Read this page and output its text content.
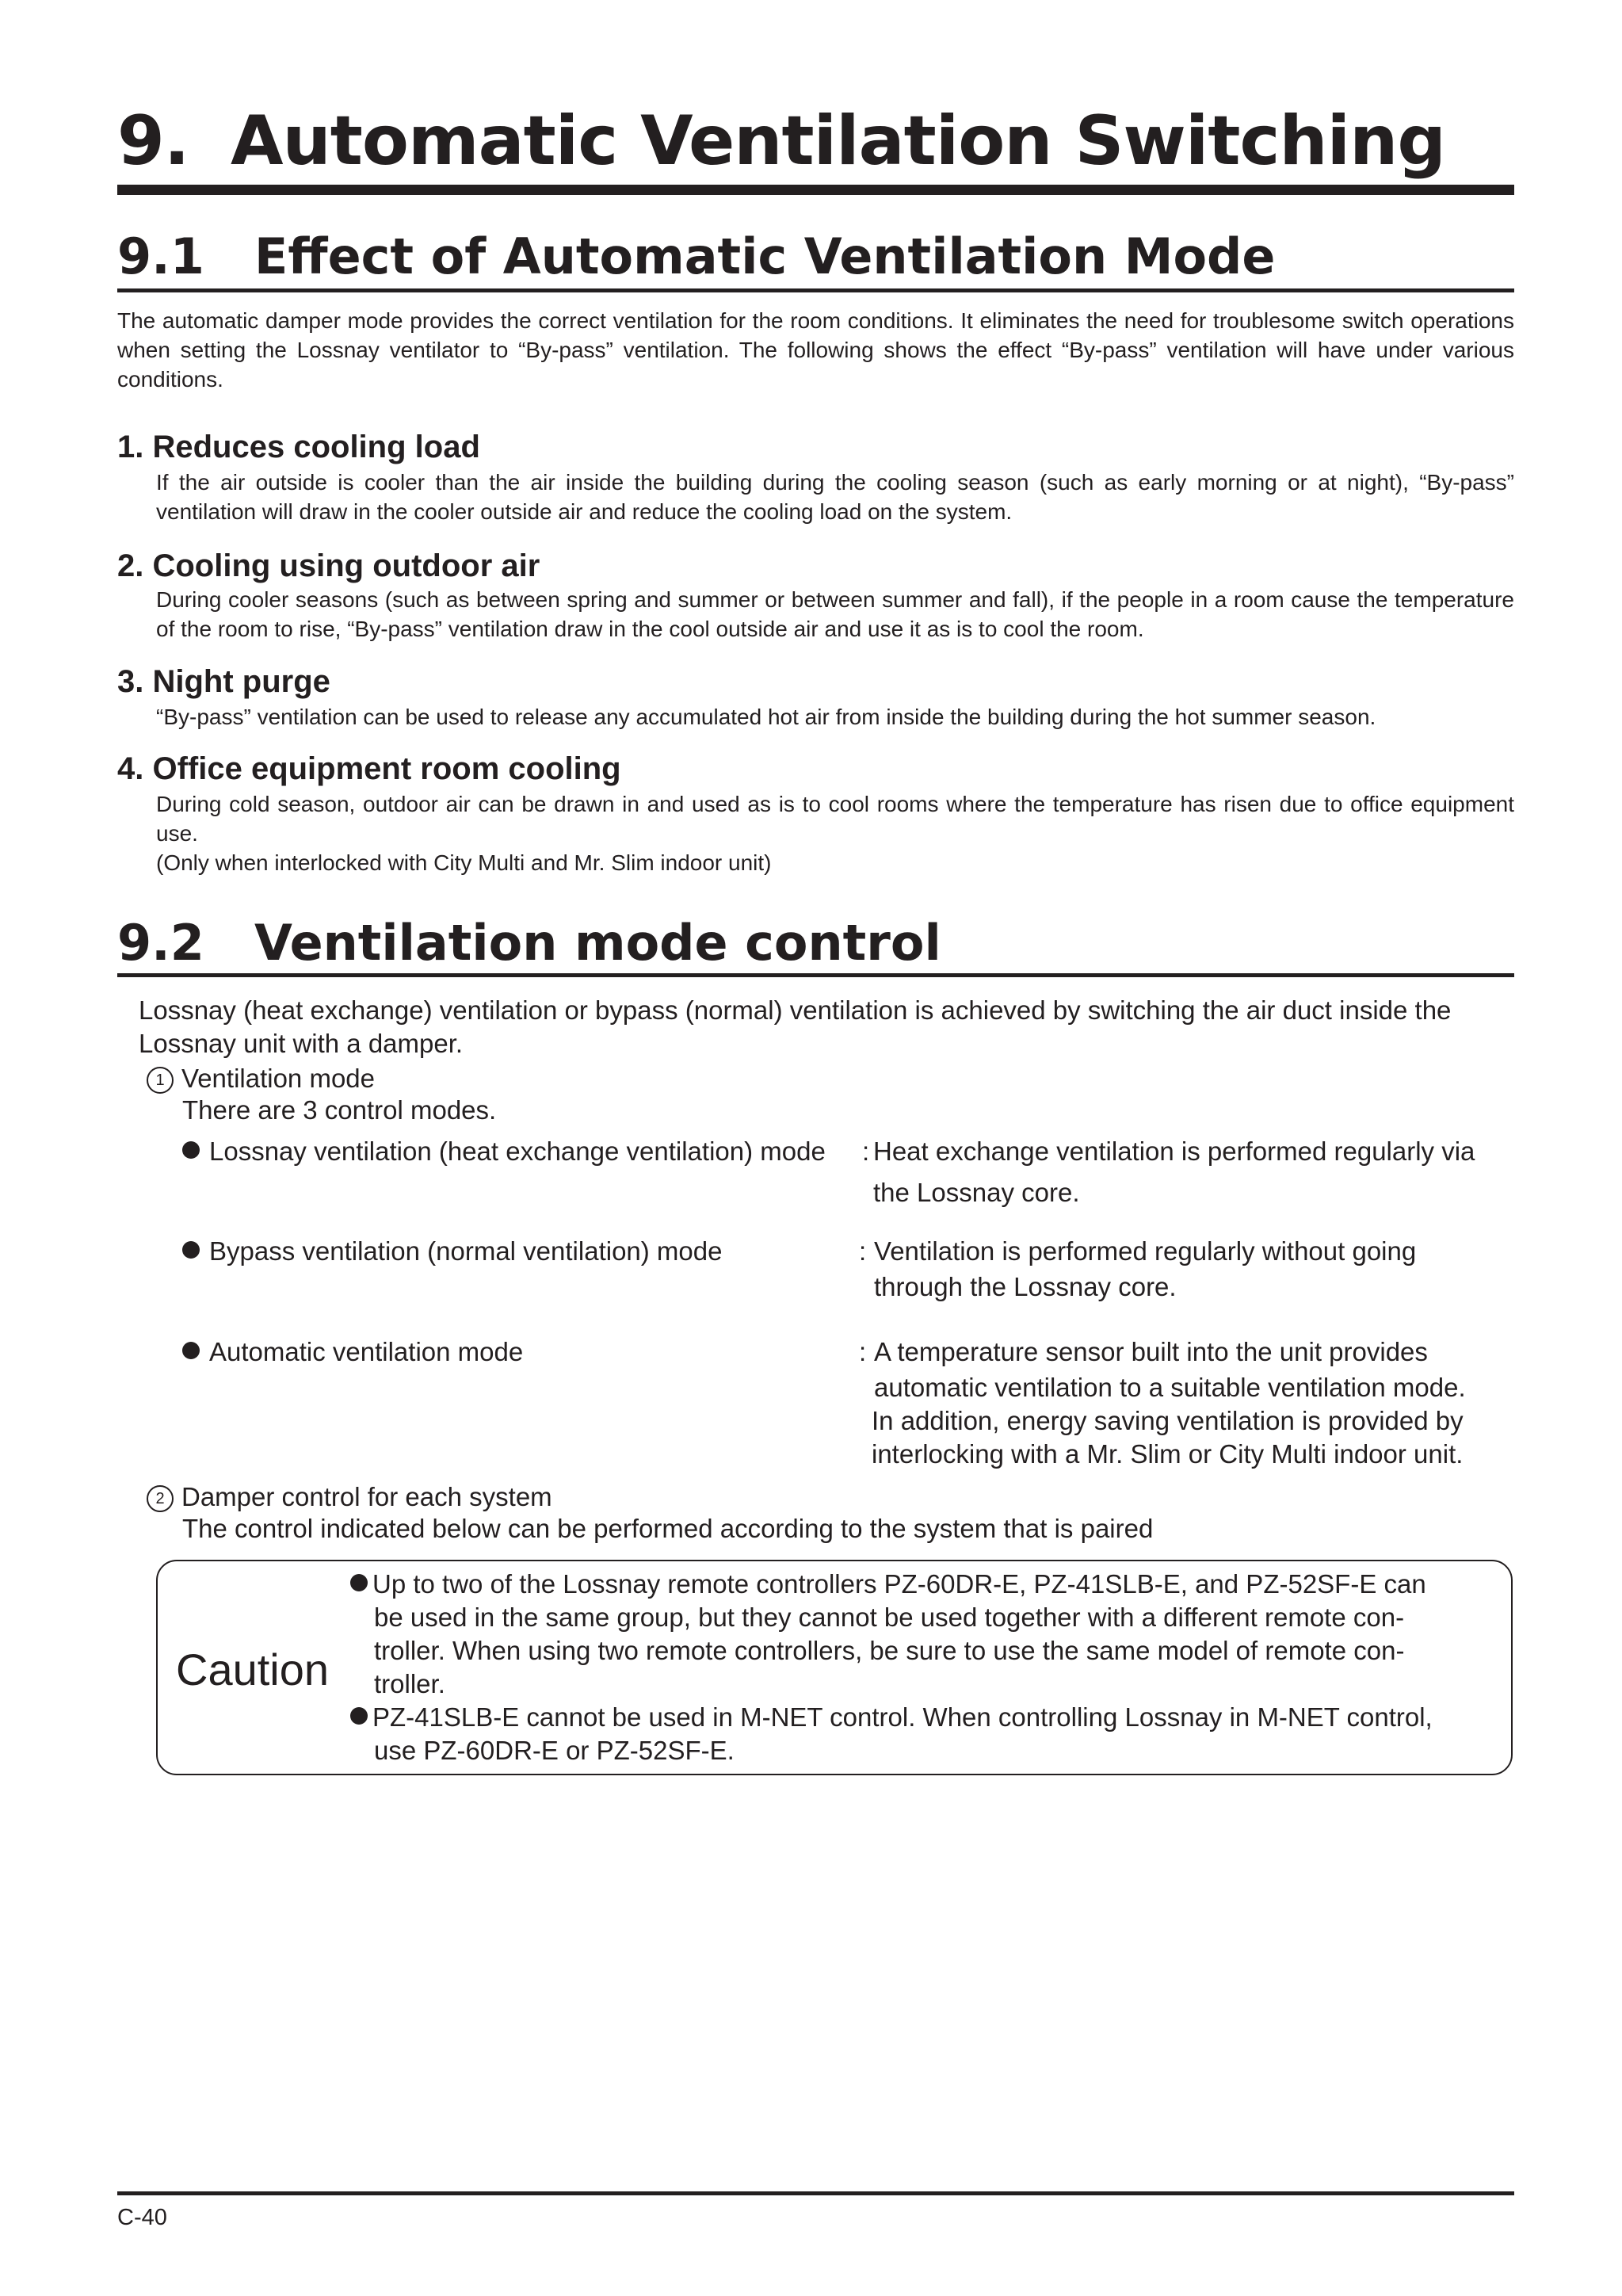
9. Automatic Ventilation Switching
9.1 Effect of Automatic Ventilation Mode
The automatic damper mode provides the correct ventilation for the room conditions. It eliminates the need for troublesome switch operations when setting the Lossnay ventilator to “By-pass” ventilation. The following shows the effect “By-pass” ventilation will have under various conditions.
1. Reduces cooling load
If the air outside is cooler than the air inside the building during the cooling season (such as early morning or at night), “By-pass” ventilation will draw in the cooler outside air and reduce the cooling load on the system.
2. Cooling using outdoor air
During cooler seasons (such as between spring and summer or between summer and fall), if the people in a room cause the temperature of the room to rise, “By-pass” ventilation draw in the cool outside air and use it as is to cool the room.
3. Night purge
“By-pass” ventilation can be used to release any accumulated hot air from inside the building during the hot summer season.
4. Office equipment room cooling
During cold season, outdoor air can be drawn in and used as is to cool rooms where the temperature has risen due to office equipment use.
(Only when interlocked with City Multi and Mr. Slim indoor unit)
9.2 Ventilation mode control
Lossnay (heat exchange) ventilation or bypass (normal) ventilation is achieved by switching the air duct inside the
Lossnay unit with a damper.
1 Ventilation mode
There are 3 control modes.
Lossnay ventilation (heat exchange ventilation) mode : Heat exchange ventilation is performed regularly via
the Lossnay core.
Bypass ventilation (normal ventilation) mode	: Ventilation is performed regularly without going
through the Lossnay core.
Automatic ventilation mode	: A temperature sensor built into the unit provides
automatic ventilation to a suitable ventilation mode.
In addition, energy saving ventilation is provided by
interlocking with a Mr. Slim or City Multi indoor unit.
2 Damper control for each system
The control indicated below can be performed according to the system that is paired
Caution
Up to two of the Lossnay remote controllers PZ-60DR-E, PZ-41SLB-E, and PZ-52SF-E can
be used in the same group, but they cannot be used together with a different remote con-
troller. When using two remote controllers, be sure to use the same model of remote con-
troller.
PZ-41SLB-E cannot be used in M-NET control. When controlling Lossnay in M-NET control,
use PZ-60DR-E or PZ-52SF-E.
C-40
